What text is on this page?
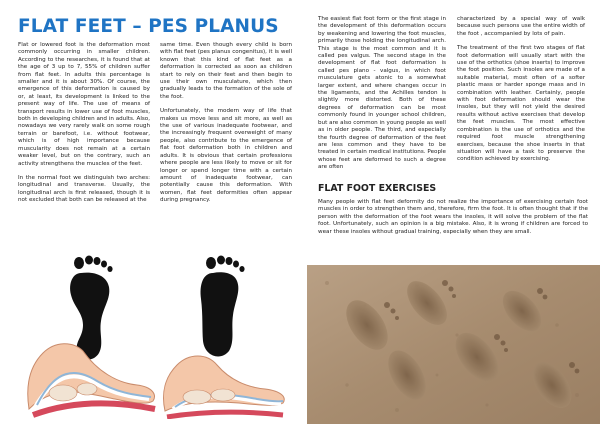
FLAT FEET – PES PLANUS

Flat or lowered foot is the deformation most commonly occurring in smaller children. According to the researches, it is found that at the age of 3 up to 7, 55% of children suffer from flat feet. In adults this percentage is smaller and it is about 30%. Of course, the emergence of this deformation is caused by or, at least, its development is linked to the present way of life. The use of means of transport results in lower use of foot muscles, both in developing children and in adults. Also, nowadays we very rarely walk on some rough terrain or barefoot, i.e. without footwear, which is of high importance because muscularity does not remain at a certain weaker level, but on the contrary, such an activity strengthens the muscles of the feet.

In the normal foot we distinguish two arches: longitudinal and transverse. Usually, the longitudinal arch is first released, though it is not excluded that both can be released at the

same time. Even though every child is born with flat feet (pes planus congenitus), it is well known that this kind of flat feet as a deformation is corrected as soon as children start to rely on their feet and then begin to use their own musculature, which then gradually leads to the formation of the sole of the foot.

Unfortunately, the modern way of life that makes us move less and sit more, as well as the use of various inadequate footwear, and the increasingly frequent overweight of many people, also contribute to the emergence of flat foot deformation both in children and adults. It is obvious that certain professions where people are less likely to move or sit for longer or spend longer time with a certain amount of inadequate footwear, can potentially cause this deformation. With women, flat feet deformities often appear during pregnancy.

The easiest flat foot form or the first stage in the development of this deformation occurs by weakening and lowering the foot muscles, primarily those holding the longitudinal arch. This stage is the most common and it is called pes valgus. The second stage in the development of flat foot deformation is called pes plano - valgus, in which foot musculature gets atonic to a somewhat larger extent, and where changes occur in the ligaments, and the Achilles tendon is slightly more distorted. Both of these degrees of deformation can be most commonly found in younger school children, but are also common in young people as well as in older people. The third, and especially the fourth degree of deformation of the feet are less common and they have to be treated in certain medical institutions. People whose feet are deformed to such a degree are often

characterized by a special way of walk because such persons use the entire width of the foot , accompanied by lots of pain.

The treatment of the first two stages of flat foot deformation will usually start with the use of the orthotics (shoe inserts) to improve the foot position. Such insoles are made of a suitable material, most often of a softer plastic mass or harder sponge mass and in combination with leather. Certainly, people with foot deformation should wear the insoles, but they will not yield the desired results without active exercises that develop the feet muscles. The most effective combination is the use of orthotics and the required foot muscle strengthening exercises, because the shoe inserts in that situation will have a task to preserve the condition achieved by exercising.

FLAT FOOT EXERCISES

Many people with flat feet deformity do not realize the importance of exercising certain foot muscles in order to strengthen them and, therefore, firm the foot. It is often thought that if the person with the deformation of the foot wears the insoles, it will solve the problem of the flat foot. Unfortunately, such an opinion is a big mistake. Also, it is wrong if children are forced to wear these insoles without gradual training, especially when they are small.
